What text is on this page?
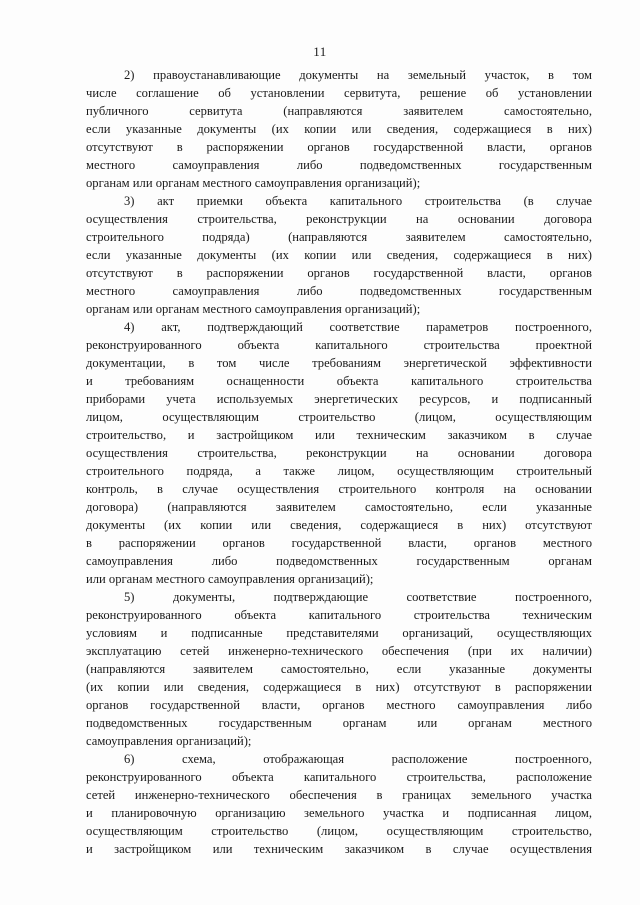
11
2) правоустанавливающие документы на земельный участок, в том
числе соглашение об установлении сервитута, решение об установлении
публичного сервитута (направляются заявителем самостоятельно,
если указанные документы (их копии или сведения, содержащиеся в них)
отсутствуют в распоряжении органов государственной власти, органов
местного самоуправления либо подведомственных государственным
органам или органам местного самоуправления организаций);
3) акт приемки объекта капитального строительства (в случае
осуществления строительства, реконструкции на основании договора
строительного подряда) (направляются заявителем самостоятельно,
если указанные документы (их копии или сведения, содержащиеся в них)
отсутствуют в распоряжении органов государственной власти, органов
местного самоуправления либо подведомственных государственным
органам или органам местного самоуправления организаций);
4) акт, подтверждающий соответствие параметров построенного,
реконструированного объекта капитального строительства проектной
документации, в том числе требованиям энергетической эффективности
и требованиям оснащенности объекта капитального строительства
приборами учета используемых энергетических ресурсов, и подписанный
лицом, осуществляющим строительство (лицом, осуществляющим
строительство, и застройщиком или техническим заказчиком в случае
осуществления строительства, реконструкции на основании договора
строительного подряда, а также лицом, осуществляющим строительный
контроль, в случае осуществления строительного контроля на основании
договора) (направляются заявителем самостоятельно, если указанные
документы (их копии или сведения, содержащиеся в них) отсутствуют
в распоряжении органов государственной власти, органов местного
самоуправления либо подведомственных государственным органам
или органам местного самоуправления организаций);
5) документы, подтверждающие соответствие построенного,
реконструированного объекта капитального строительства техническим
условиям и подписанные представителями организаций, осуществляющих
эксплуатацию сетей инженерно-технического обеспечения (при их наличии)
(направляются заявителем самостоятельно, если указанные документы
(их копии или сведения, содержащиеся в них) отсутствуют в распоряжении
органов государственной власти, органов местного самоуправления либо
подведомственных государственным органам или органам местного
самоуправления организаций);
6) схема, отображающая расположение построенного,
реконструированного объекта капитального строительства, расположение
сетей инженерно-технического обеспечения в границах земельного участка
и планировочную организацию земельного участка и подписанная лицом,
осуществляющим строительство (лицом, осуществляющим строительство,
и застройщиком или техническим заказчиком в случае осуществления
